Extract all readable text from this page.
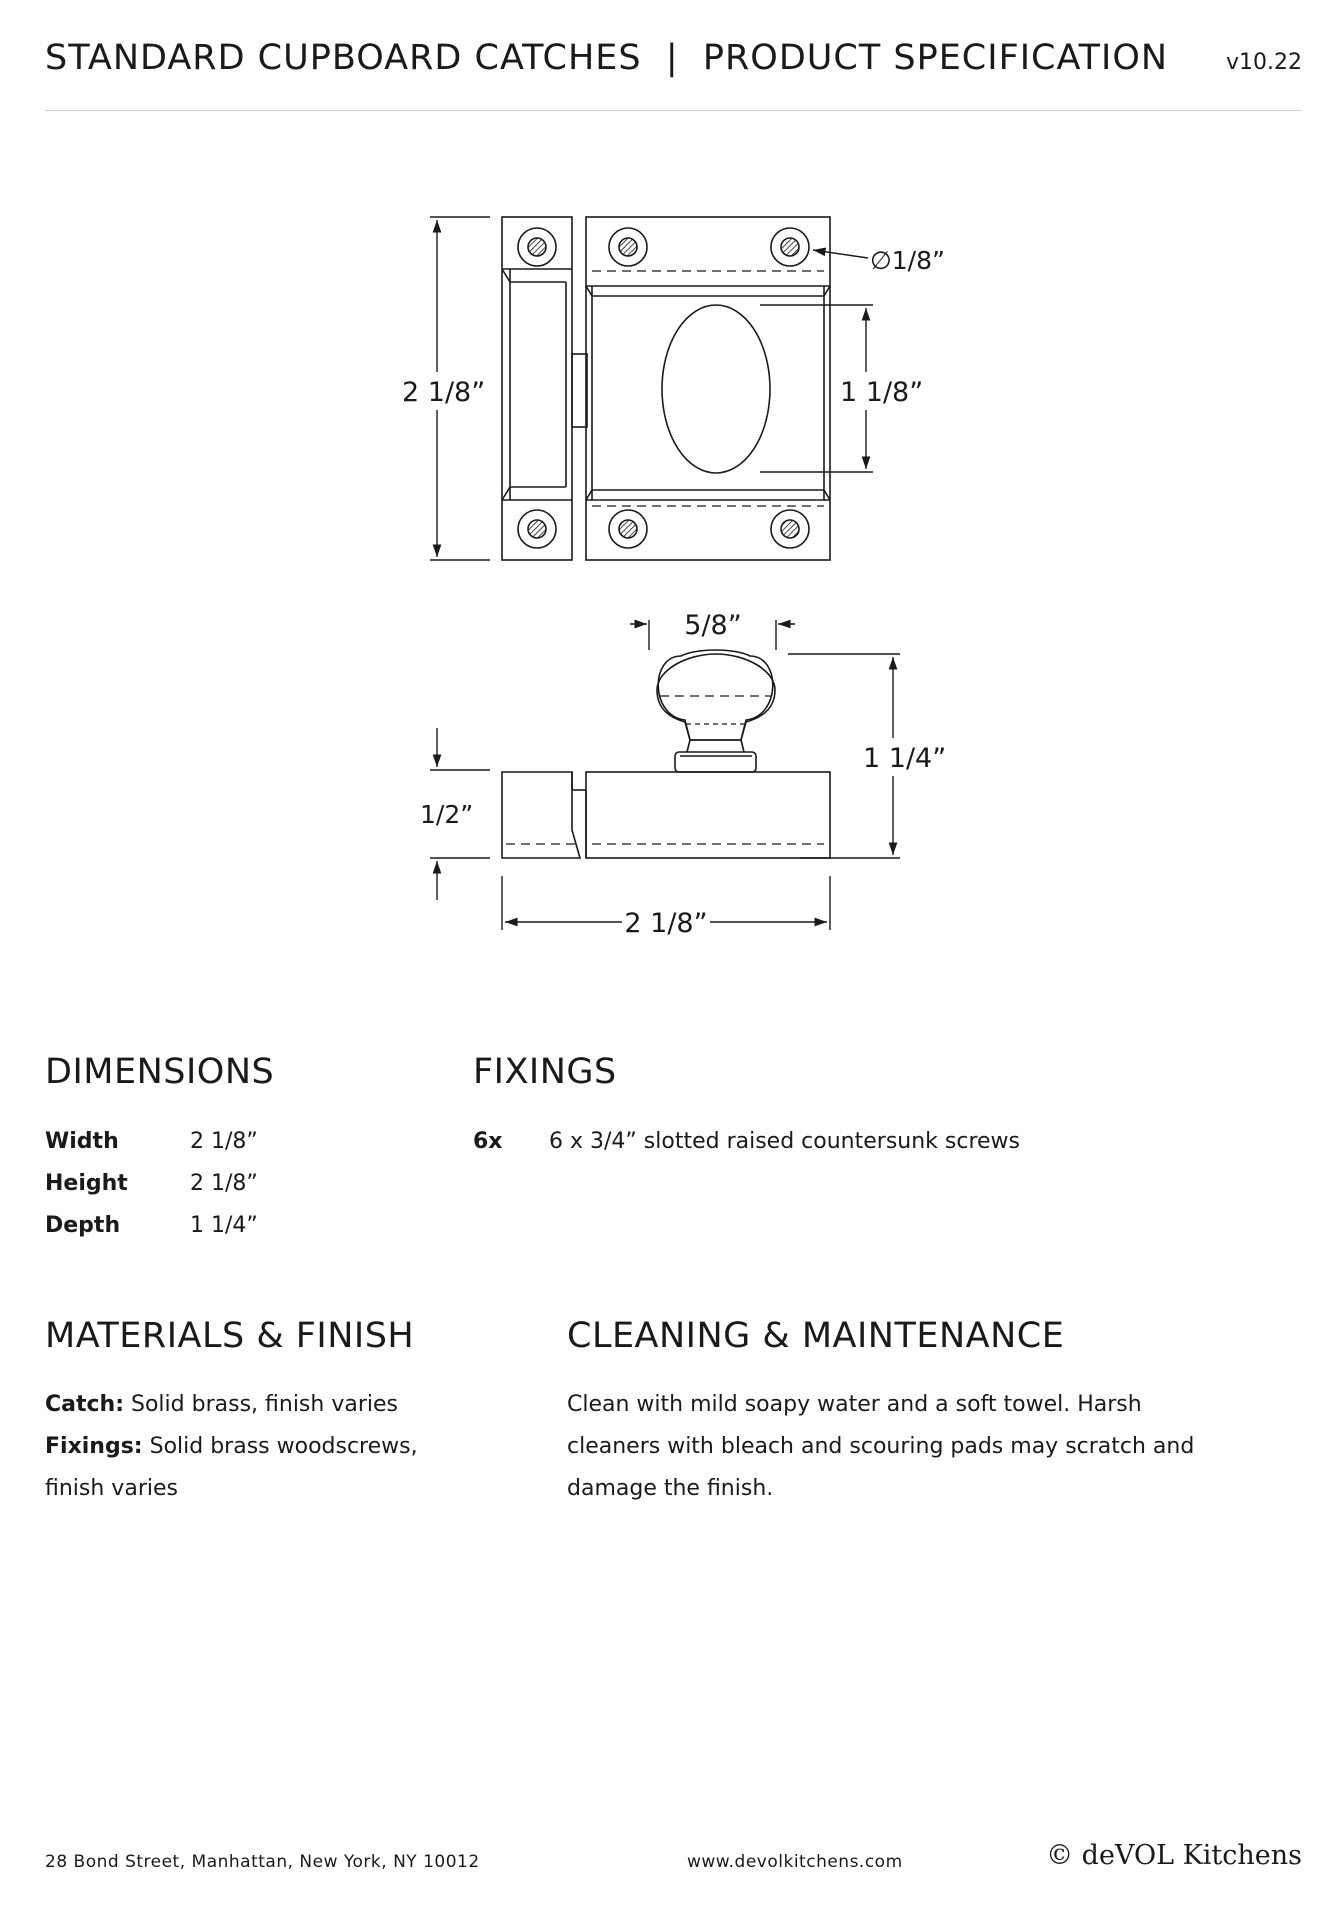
STANDARD CUPBOARD CATCHES  |  PRODUCT SPECIFICATION	v10.22
2 1/8”	1 1/8”
∅1/8”
5/8”
1 1/4”
1/2”
2 1/8”
DIMENSIONS
Width	2 1/8”
Height	2 1/8”
Depth	1 1/4”
FIXINGS
6x	6 x 3/4” slotted raised countersunk screws
MATERIALS & FINISH
Catch: Solid brass, finish varies
Fixings: Solid brass woodscrews, finish varies
CLEANING & MAINTENANCE
Clean with mild soapy water and a soft towel. Harsh cleaners with bleach and scouring pads may scratch and damage the finish.
28 Bond Street, Manhattan, New York, NY 10012	www.devolkitchens.com	© deVOL Kitchens
